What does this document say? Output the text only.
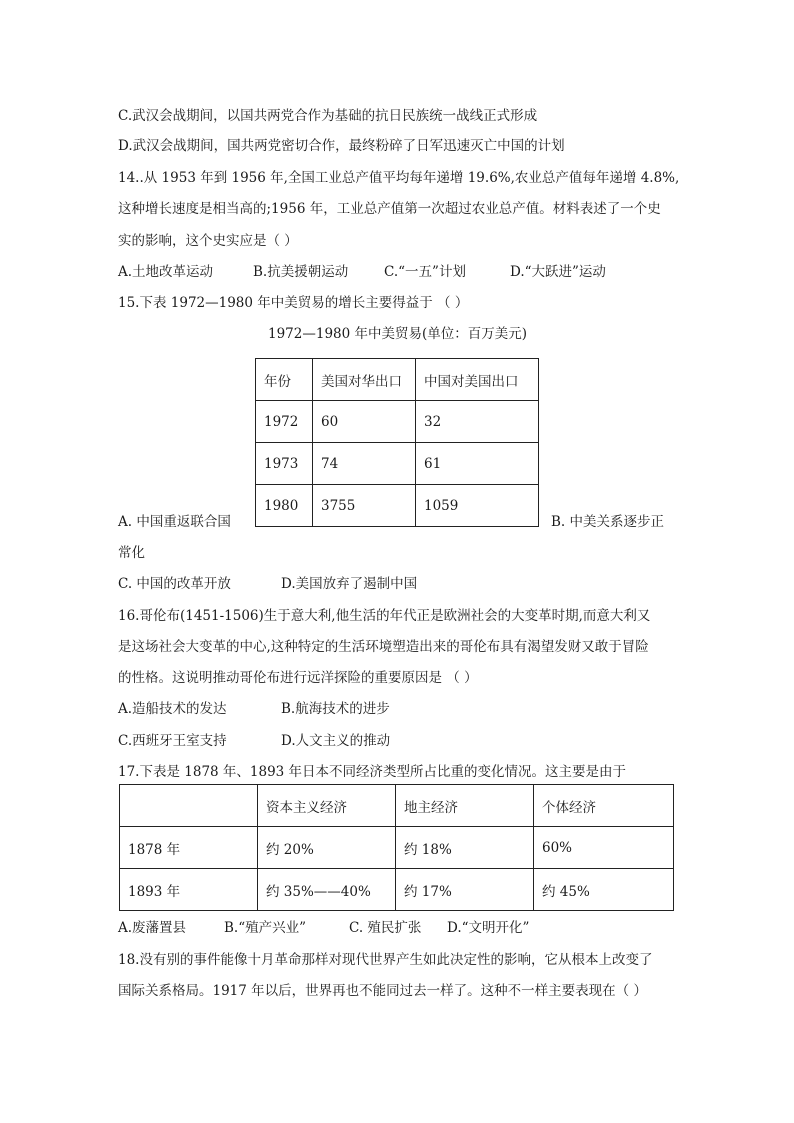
C.武汉会战期间，以国共两党合作为基础的抗日民族统一战线正式形成
D.武汉会战期间，国共两党密切合作，最终粉碎了日军迅速灭亡中国的计划
14..从 1953 年到 1956 年,全国工业总产值平均每年递增 19.6%,农业总产值每年递增 4.8%,
这种增长速度是相当高的;1956 年，工业总产值第一次超过农业总产值。材料表述了一个史
实的影响，这个史实应是（ ）
A.土地改革运动	B.抗美援朝运动	C.“一五”计划	D.“大跃进”运动
15.下表 1972—1980 年中美贸易的增长主要得益于 （ ）
1972—1980 年中美贸易(单位：百万美元)
年份	美国对华出口	中国对美国出口
1972	60	32
1973	74	61
1980	3755	1059
A. 中国重返联合国	B. 中美关系逐步正
常化
C. 中国的改革开放	D.美国放弃了遏制中国
16.哥伦布(1451-1506)生于意大利,他生活的年代正是欧洲社会的大变革时期,而意大利又
是这场社会大变革的中心,这种特定的生活环境塑造出来的哥伦布具有渴望发财又敢于冒险
的性格。这说明推动哥伦布进行远洋探险的重要原因是 （ ）
A.造船技术的发达	B.航海技术的进步
C.西班牙王室支持	D.人文主义的推动
17.下表是 1878 年、1893 年日本不同经济类型所占比重的变化情况。这主要是由于
	资本主义经济	地主经济	个体经济
1878 年	约 20%	约 18%	60%
1893 年	约 35%——40%	约 17%	约 45%
A.废藩置县	B.“殖产兴业”	C. 殖民扩张 D.“文明开化”
18.没有别的事件能像十月革命那样对现代世界产生如此决定性的影响，它从根本上改变了
国际关系格局。1917 年以后，世界再也不能同过去一样了。这种不一样主要表现在（ ）
